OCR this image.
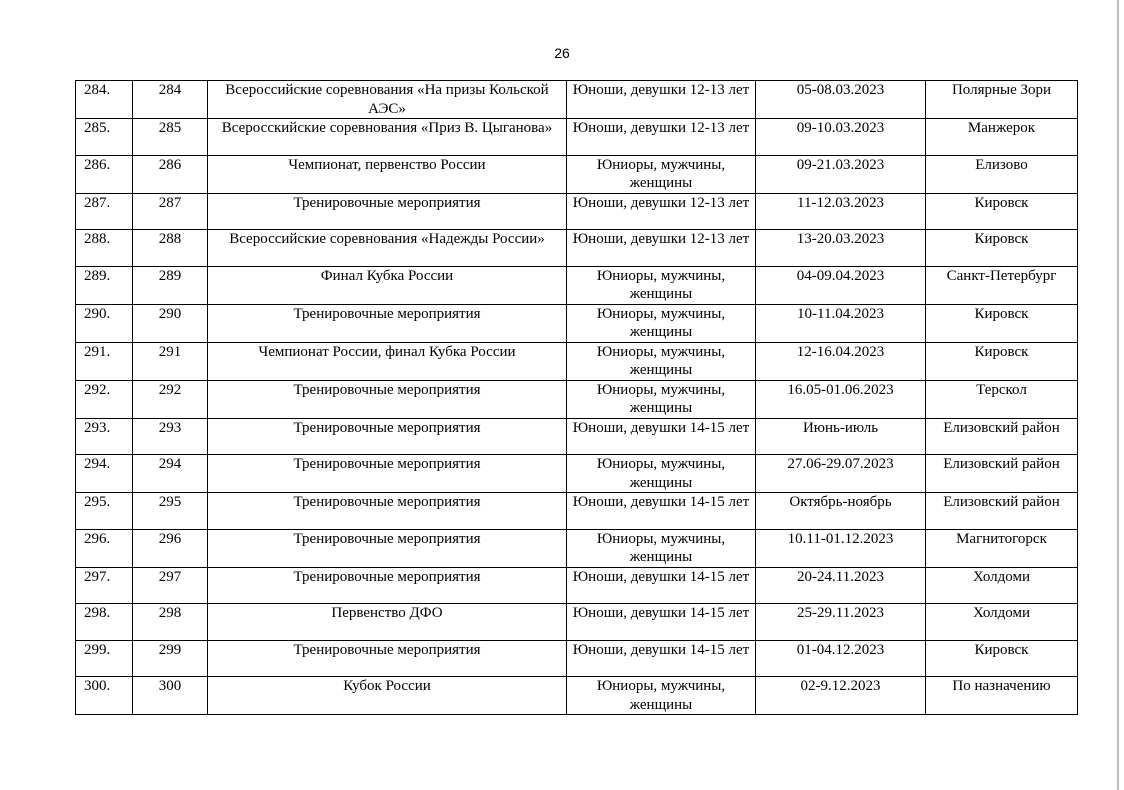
26
284.	284	Всероссийские соревнования «На призы Кольской АЭС»	Юноши, девушки 12-13 лет	05-08.03.2023	Полярные Зори
285.	285	Всеросскийские соревнования «Приз В. Цыганова»	Юноши, девушки 12-13 лет	09-10.03.2023	Манжерок
286.	286	Чемпионат, первенство России	Юниоры, мужчины, женщины	09-21.03.2023	Елизово
287.	287	Тренировочные мероприятия	Юноши, девушки 12-13 лет	11-12.03.2023	Кировск
288.	288	Всероссийские соревнования «Надежды России»	Юноши, девушки 12-13 лет	13-20.03.2023	Кировск
289.	289	Финал Кубка России	Юниоры, мужчины, женщины	04-09.04.2023	Санкт-Петербург
290.	290	Тренировочные мероприятия	Юниоры, мужчины, женщины	10-11.04.2023	Кировск
291.	291	Чемпионат России, финал Кубка России	Юниоры, мужчины, женщины	12-16.04.2023	Кировск
292.	292	Тренировочные мероприятия	Юниоры, мужчины, женщины	16.05-01.06.2023	Терскол
293.	293	Тренировочные мероприятия	Юноши, девушки 14-15 лет	Июнь-июль	Елизовский район
294.	294	Тренировочные мероприятия	Юниоры, мужчины, женщины	27.06-29.07.2023	Елизовский район
295.	295	Тренировочные мероприятия	Юноши, девушки 14-15 лет	Октябрь-ноябрь	Елизовский район
296.	296	Тренировочные мероприятия	Юниоры, мужчины, женщины	10.11-01.12.2023	Магнитогорск
297.	297	Тренировочные мероприятия	Юноши, девушки 14-15 лет	20-24.11.2023	Холдоми
298.	298	Первенство ДФО	Юноши, девушки 14-15 лет	25-29.11.2023	Холдоми
299.	299	Тренировочные мероприятия	Юноши, девушки 14-15 лет	01-04.12.2023	Кировск
300.	300	Кубок России	Юниоры, мужчины, женщины	02-9.12.2023	По назначению
